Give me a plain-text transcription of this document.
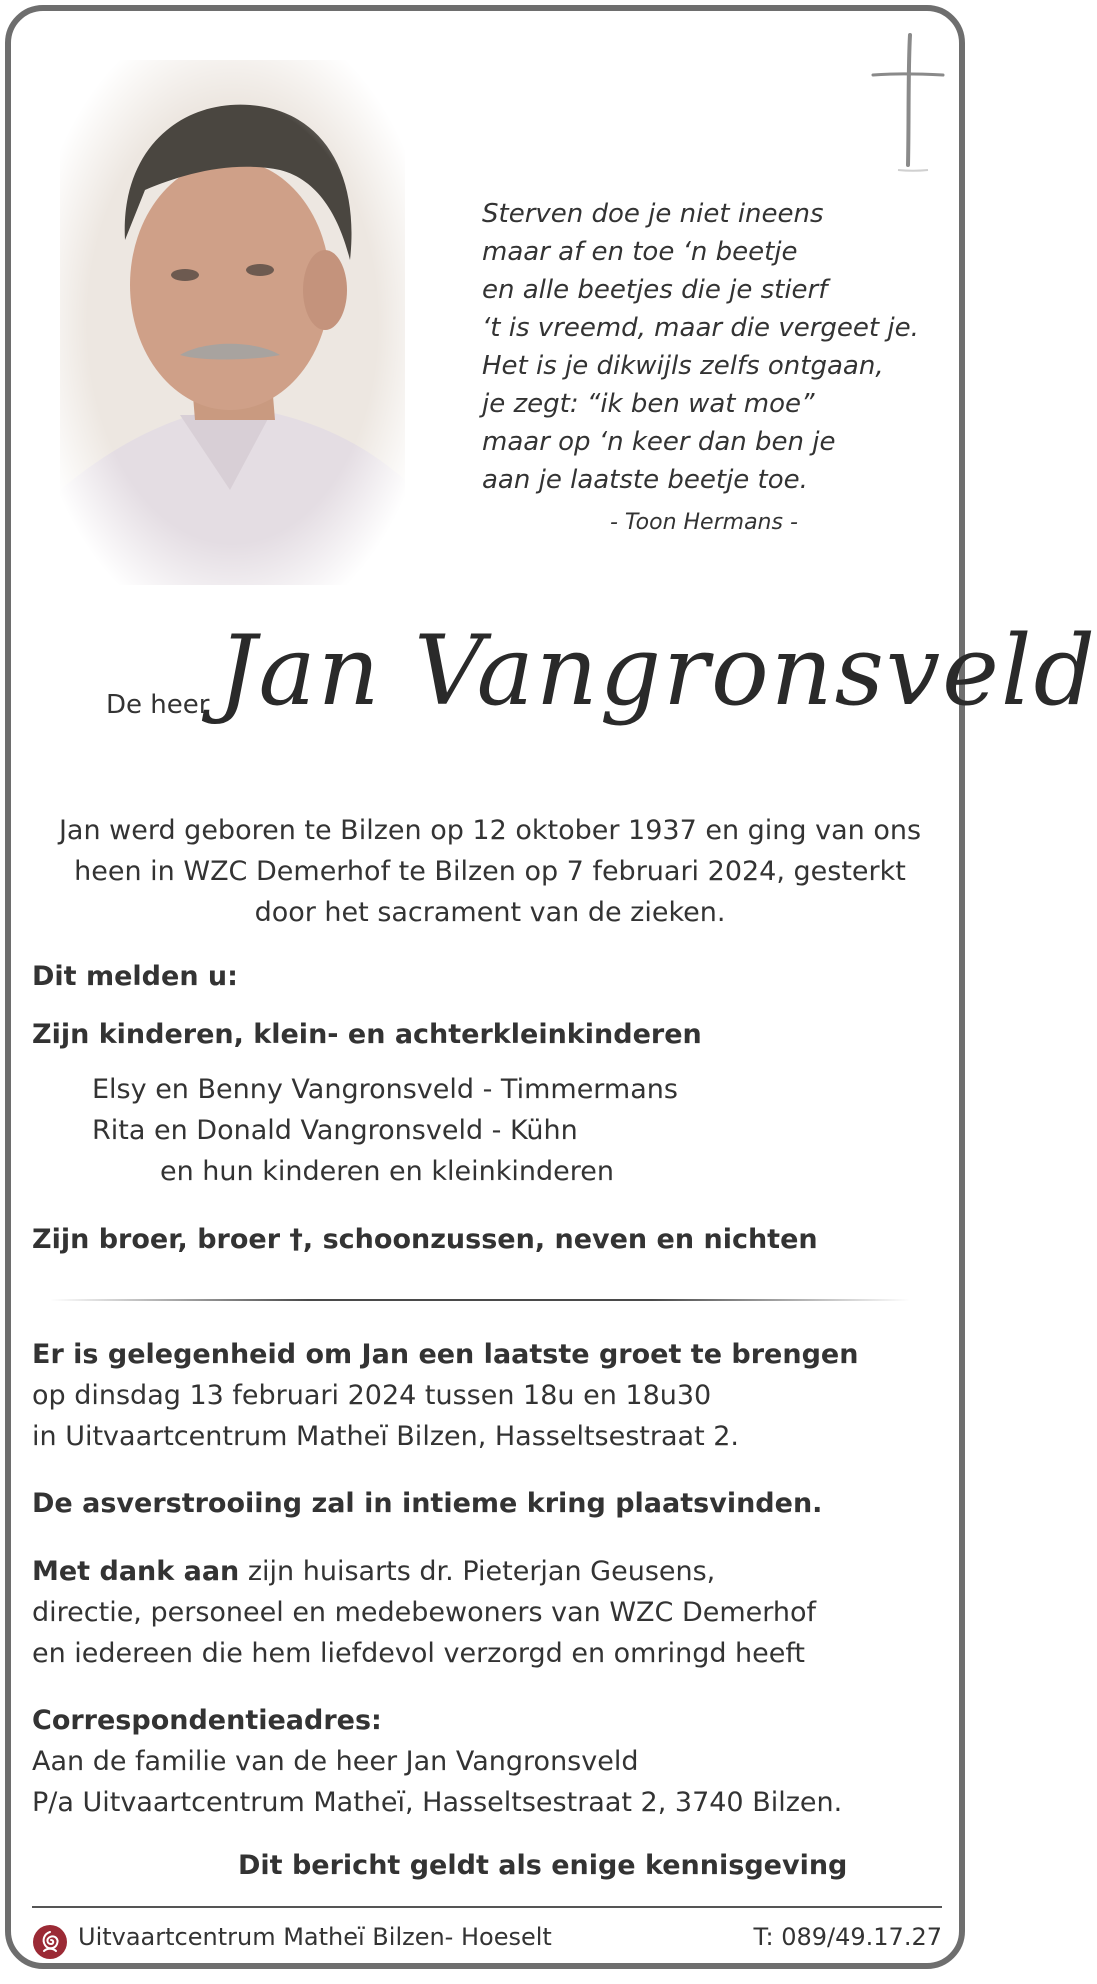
Sterven doe je niet ineens
maar af en toe ‘n beetje
en alle beetjes die je stierf
‘t is vreemd, maar die vergeet je.
Het is je dikwijls zelfs ontgaan,
je zegt: “ik ben wat moe”
maar op ‘n keer dan ben je
aan je laatste beetje toe.
- Toon Hermans -
De heer Jan Vangronsveld
Jan werd geboren te Bilzen op 12 oktober 1937 en ging van ons
heen in WZC Demerhof te Bilzen op 7 februari 2024, gesterkt
door het sacrament van de zieken.
Dit melden u:
Zijn kinderen, klein- en achterkleinkinderen
Elsy en Benny Vangronsveld - Timmermans
Rita en Donald Vangronsveld - Kühn
en hun kinderen en kleinkinderen
Zijn broer, broer †, schoonzussen, neven en nichten
Er is gelegenheid om Jan een laatste groet te brengen
op dinsdag 13 februari 2024 tussen 18u en 18u30
in Uitvaartcentrum Matheï Bilzen, Hasseltsestraat 2.
De asverstrooiing zal in intieme kring plaatsvinden.
Met dank aan zijn huisarts dr. Pieterjan Geusens,
directie, personeel en medebewoners van WZC Demerhof
en iedereen die hem liefdevol verzorgd en omringd heeft
Correspondentieadres:
Aan de familie van de heer Jan Vangronsveld
P/a Uitvaartcentrum Matheï, Hasseltsestraat 2, 3740 Bilzen.
Dit bericht geldt als enige kennisgeving
Uitvaartcentrum Matheï Bilzen- Hoeselt	T: 089/49.17.27
